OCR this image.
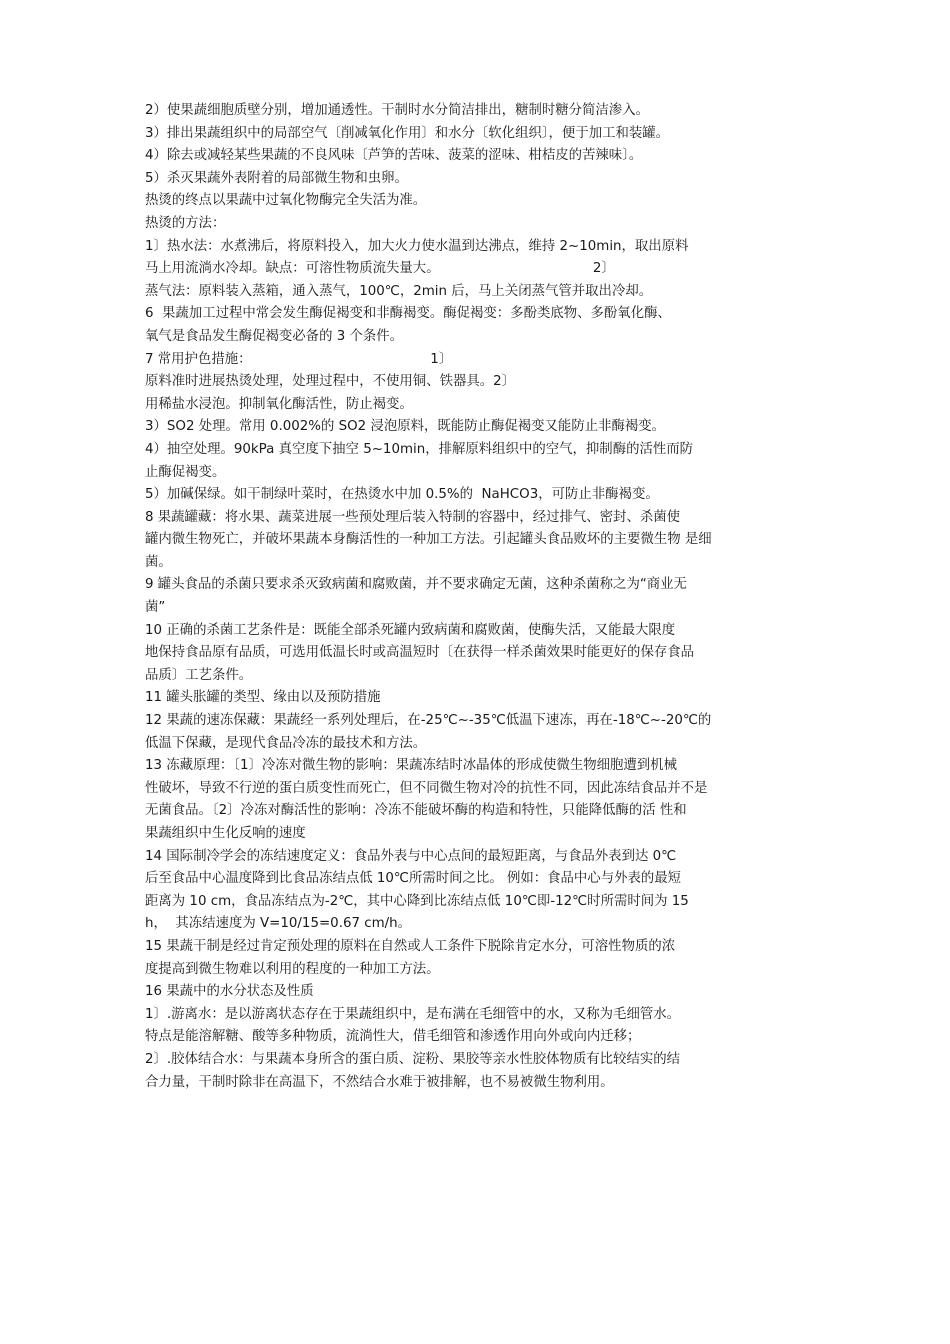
2）使果蔬细胞质壁分别，增加通透性。干制时水分简洁排出，糖制时糖分简洁渗入。
3）排出果蔬组织中的局部空气〔削减氧化作用〕和水分〔软化组织〕，便于加工和装罐。
4）除去或减轻某些果蔬的不良风味〔芦笋的苦味、菠菜的涩味、柑桔皮的苦辣味〕。
5）杀灭果蔬外表附着的局部微生物和虫卵。
热烫的终点以果蔬中过氧化物酶完全失活为准。
热烫的方法：
1〕热水法：水煮沸后，将原料投入，加大火力使水温到达沸点，维持 2~10min，取出原料
马上用流淌水冷却。缺点：可溶性物质流失量大。                                    2〕
蒸气法：原料装入蒸箱，通入蒸气，100℃，2min 后，马上关闭蒸气管并取出冷却。
6  果蔬加工过程中常会发生酶促褐变和非酶褐变。酶促褐变：多酚类底物、多酚氧化酶、
氧气是食品发生酶促褐变必备的 3 个条件。
7 常用护色措施：                                          1〕
原料准时进展热烫处理，处理过程中，不使用铜、铁器具。2〕
用稀盐水浸泡。抑制氧化酶活性，防止褐变。
3）SO2 处理。常用 0.002%的 SO2 浸泡原料，既能防止酶促褐变又能防止非酶褐变。
4）抽空处理。90kPa 真空度下抽空 5~10min，排解原料组织中的空气，抑制酶的活性而防
止酶促褐变。
5）加碱保绿。如干制绿叶菜时，在热烫水中加 0.5%的  NaHCO3，可防止非酶褐变。
8 果蔬罐藏：将水果、蔬菜进展一些预处理后装入特制的容器中，经过排气、密封、杀菌使
罐内微生物死亡，并破坏果蔬本身酶活性的一种加工方法。引起罐头食品败坏的主要微生物 是细
菌。
9 罐头食品的杀菌只要求杀灭致病菌和腐败菌，并不要求确定无菌，这种杀菌称之为“商业无
菌”
10 正确的杀菌工艺条件是：既能全部杀死罐内致病菌和腐败菌，使酶失活，又能最大限度
地保持食品原有品质，可选用低温长时或高温短时〔在获得一样杀菌效果时能更好的保存食品
品质〕工艺条件。
11 罐头胀罐的类型、缘由以及预防措施
12 果蔬的速冻保藏：果蔬经一系列处理后，在-25℃~-35℃低温下速冻，再在-18℃~-20℃的
低温下保藏，是现代食品冷冻的最技术和方法。
13 冻藏原理：〔1〕冷冻对微生物的影响：果蔬冻结时冰晶体的形成使微生物细胞遭到机械
性破坏，导致不行逆的蛋白质变性而死亡，但不同微生物对冷的抗性不同，因此冻结食品并不是
无菌食品。〔2〕冷冻对酶活性的影响：冷冻不能破坏酶的构造和特性，只能降低酶的活 性和
果蔬组织中生化反响的速度
14 国际制冷学会的冻结速度定义：食品外表与中心点间的最短距离，与食品外表到达 0℃
后至食品中心温度降到比食品冻结点低 10℃所需时间之比。 例如：食品中心与外表的最短
距离为 10 cm，食品冻结点为-2℃，其中心降到比冻结点低 10℃即-12℃时所需时间为 15
h，  其冻结速度为 V=10/15=0.67 cm/h。
15 果蔬干制是经过肯定预处理的原料在自然或人工条件下脱除肯定水分，可溶性物质的浓
度提高到微生物难以利用的程度的一种加工方法。
16 果蔬中的水分状态及性质
1〕.游离水：是以游离状态存在于果蔬组织中，是布满在毛细管中的水，又称为毛细管水。
特点是能溶解糖、酸等多种物质，流淌性大，借毛细管和渗透作用向外或向内迁移；
2〕.胶体结合水：与果蔬本身所含的蛋白质、淀粉、果胶等亲水性胶体物质有比较结实的结
合力量，干制时除非在高温下，不然结合水难于被排解，也不易被微生物利用。
